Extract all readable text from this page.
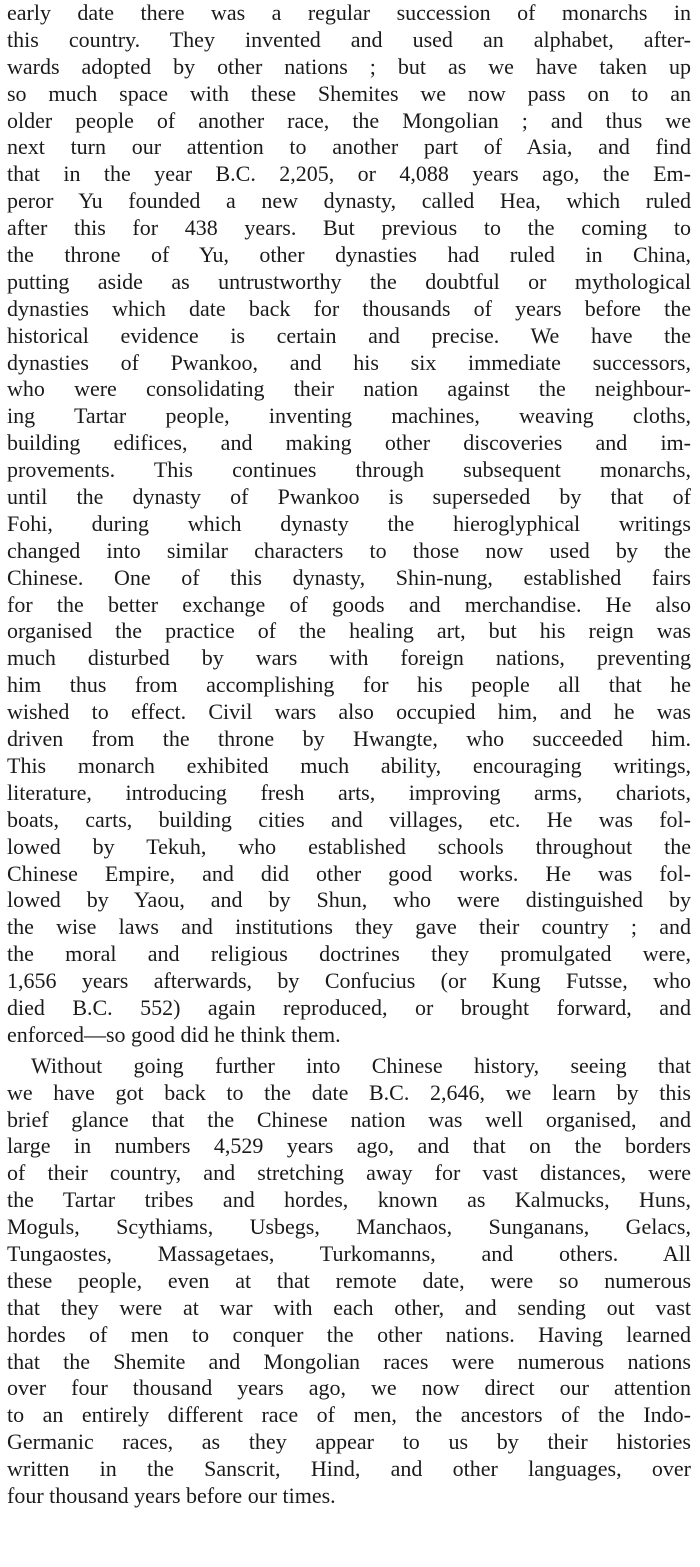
early date there was a regular succession of monarchs in
this country. They invented and used an alphabet, after-
wards adopted by other nations ; but as we have taken up
so much space with these Shemites we now pass on to an
older people of another race, the Mongolian ; and thus we
next turn our attention to another part of Asia, and find
that in the year B.C. 2,205, or 4,088 years ago, the Em-
peror Yu founded a new dynasty, called Hea, which ruled
after this for 438 years. But previous to the coming to
the throne of Yu, other dynasties had ruled in China,
putting aside as untrustworthy the doubtful or mythological
dynasties which date back for thousands of years before the
historical evidence is certain and precise. We have the
dynasties of Pwankoo, and his six immediate successors,
who were consolidating their nation against the neighbour-
ing Tartar people, inventing machines, weaving cloths,
building edifices, and making other discoveries and im-
provements. This continues through subsequent monarchs,
until the dynasty of Pwankoo is superseded by that of
Fohi, during which dynasty the hieroglyphical writings
changed into similar characters to those now used by the
Chinese. One of this dynasty, Shin-nung, established fairs
for the better exchange of goods and merchandise. He also
organised the practice of the healing art, but his reign was
much disturbed by wars with foreign nations, preventing
him thus from accomplishing for his people all that he
wished to effect. Civil wars also occupied him, and he was
driven from the throne by Hwangte, who succeeded him.
This monarch exhibited much ability, encouraging writings,
literature, introducing fresh arts, improving arms, chariots,
boats, carts, building cities and villages, etc. He was fol-
lowed by Tekuh, who established schools throughout the
Chinese Empire, and did other good works. He was fol-
lowed by Yaou, and by Shun, who were distinguished by
the wise laws and institutions they gave their country ; and
the moral and religious doctrines they promulgated were,
1,656 years afterwards, by Confucius (or Kung Futsse, who
died B.C. 552) again reproduced, or brought forward, and
enforced—so good did he think them.
Without going further into Chinese history, seeing that
we have got back to the date B.C. 2,646, we learn by this
brief glance that the Chinese nation was well organised, and
large in numbers 4,529 years ago, and that on the borders
of their country, and stretching away for vast distances, were
the Tartar tribes and hordes, known as Kalmucks, Huns,
Moguls, Scythiams, Usbegs, Manchaos, Sunganans, Gelacs,
Tungaostes, Massagetaes, Turkomanns, and others. All
these people, even at that remote date, were so numerous
that they were at war with each other, and sending out vast
hordes of men to conquer the other nations. Having learned
that the Shemite and Mongolian races were numerous nations
over four thousand years ago, we now direct our attention
to an entirely different race of men, the ancestors of the Indo-
Germanic races, as they appear to us by their histories
written in the Sanscrit, Hind, and other languages, over
four thousand years before our times.
